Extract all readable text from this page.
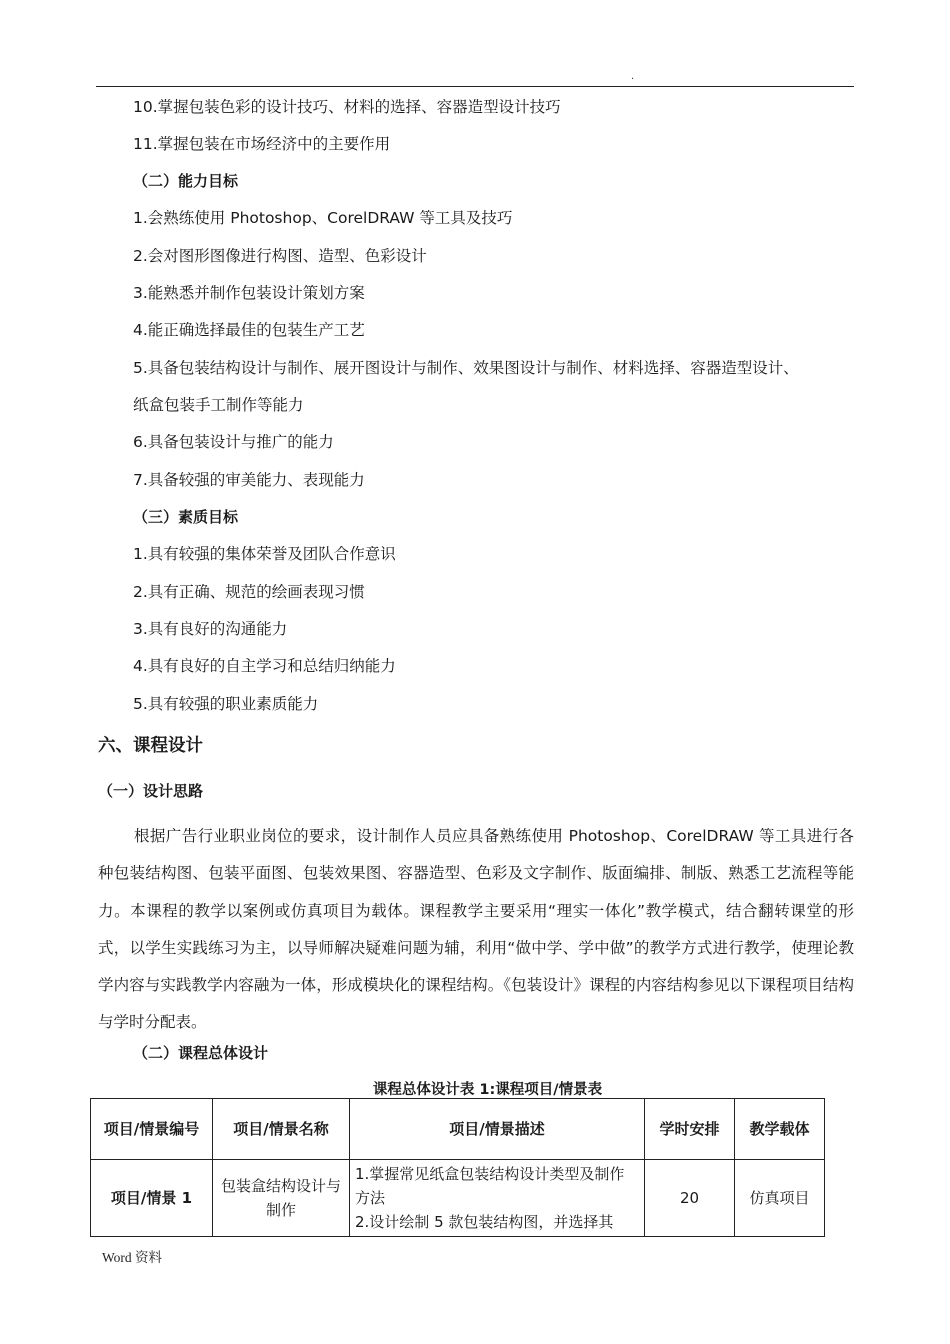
.
10.掌握包装色彩的设计技巧、材料的选择、容器造型设计技巧
11.掌握包装在市场经济中的主要作用
（二）能力目标
1.会熟练使用 Photoshop、CorelDRAW 等工具及技巧
2.会对图形图像进行构图、造型、色彩设计
3.能熟悉并制作包装设计策划方案
4.能正确选择最佳的包装生产工艺
5.具备包装结构设计与制作、展开图设计与制作、效果图设计与制作、材料选择、容器造型设计、
纸盒包装手工制作等能力
6.具备包装设计与推广的能力
7.具备较强的审美能力、表现能力
（三）素质目标
1.具有较强的集体荣誉及团队合作意识
2.具有正确、规范的绘画表现习惯
3.具有良好的沟通能力
4.具有良好的自主学习和总结归纳能力
5.具有较强的职业素质能力
六、课程设计
（一）设计思路
根据广告行业职业岗位的要求，设计制作人员应具备熟练使用 Photoshop、CorelDRAW 等工具进行各种包装结构图、包装平面图、包装效果图、容器造型、色彩及文字制作、版面编排、制版、熟悉工艺流程等能力。本课程的教学以案例或仿真项目为载体。课程教学主要采用“理实一体化”教学模式，结合翻转课堂的形式，以学生实践练习为主，以导师解决疑难问题为辅，利用“做中学、学中做”的教学方式进行教学，使理论教学内容与实践教学内容融为一体，形成模块化的课程结构。《包装设计》课程的内容结构参见以下课程项目结构与学时分配表。
（二）课程总体设计
课程总体设计表 1:课程项目/情景表
项目/情景编号	项目/情景名称	项目/情景描述	学时安排	教学载体
项目/情景 1	包装盒结构设计与制作	1.掌握常见纸盒包装结构设计类型及制作方法
2.设计绘制 5 款包装结构图，并选择其	20	仿真项目
Word 资料
